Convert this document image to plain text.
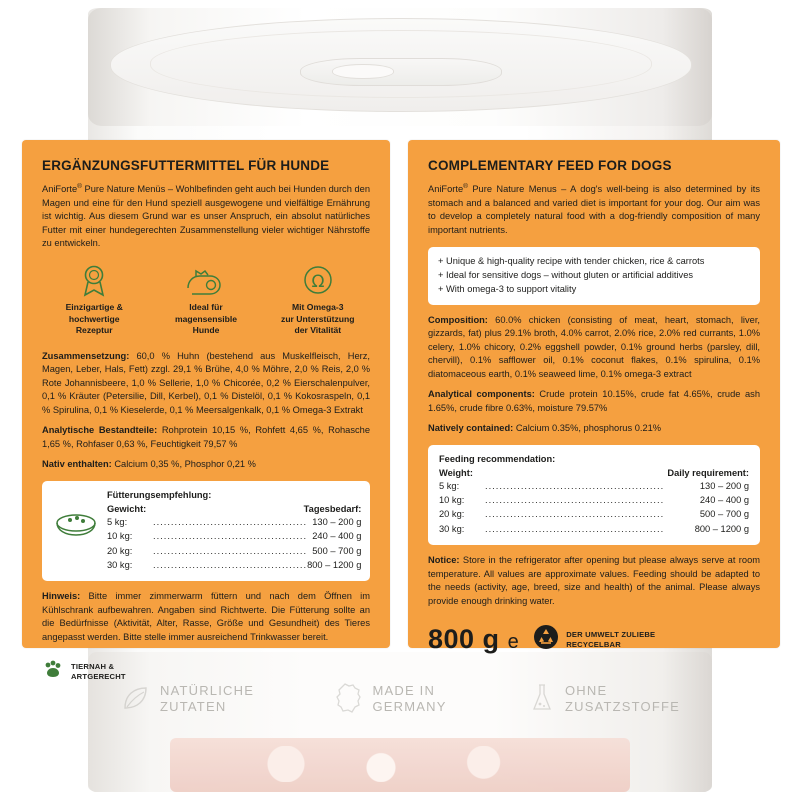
NATÜRLICHE
ZUTATEN
MADE IN
GERMANY
OHNE
ZUSATZSTOFFE
ERGÄNZUNGSFUTTERMITTEL FÜR HUNDE

AniForte® Pure Nature Menüs – Wohlbefinden geht auch bei Hunden durch den Magen und eine für den Hund speziell ausgewogene und vielfältige Ernährung ist wichtig. Aus diesem Grund war es unser Anspruch, ein absolut natürliches Futter mit einer hundegerechten Zusammenstellung vieler wichtiger Nährstoffe zu entwickeln.

Einzigartige &
hochwertige
Rezeptur
Ideal für
magensensible
Hunde
Ω
Mit Omega-3
zur Unterstützung
der Vitalität

Zusammensetzung: 60,0 % Huhn (bestehend aus Muskelfleisch, Herz, Magen, Leber, Hals, Fett) zzgl. 29,1 % Brühe, 4,0 % Möhre, 2,0 % Reis, 2,0 % Rote Johannisbeere, 1,0 % Sellerie, 1,0 % Chicorée, 0,2 % Eierschalenpulver, 0,1 % Kräuter (Petersilie, Dill, Kerbel), 0,1 % Distelöl, 0,1 % Kokosraspeln, 0,1 % Spirulina, 0,1 % Kieselerde, 0,1 % Meersalgenkalk, 0,1 % Omega-3 Extrakt

Analytische Bestandteile: Rohprotein 10,15 %, Rohfett 4,65 %, Rohasche 1,65 %, Rohfaser 0,63 %, Feuchtigkeit 79,57 %

Nativ enthalten: Calcium 0,35 %, Phosphor 0,21 %

Fütterungsempfehlung:
Gewicht:	Tagesbedarf:
5 kg:	........................................... 130 – 200 g
10 kg:	........................................... 240 – 400 g
20 kg:	........................................... 500 – 700 g
30 kg:	........................................... 800 – 1200 g

Hinweis: Bitte immer zimmerwarm füttern und nach dem Öffnen im Kühlschrank aufbewahren. Angaben sind Richtwerte. Die Fütterung sollte an die Bedürfnisse (Aktivität, Alter, Rasse, Größe und Gesundheit) des Tieres angepasst werden. Bitte stelle immer ausreichend Trinkwasser bereit.

TIERNAH &
ARTGERECHT
COMPLEMENTARY FEED FOR DOGS

AniForte® Pure Nature Menus – A dog's well-being is also determined by its stomach and a balanced and varied diet is important for your dog. Our aim was to develop a completely natural food with a dog-friendly composition of many important nutrients.

+ Unique & high-quality recipe with tender chicken, rice & carrots
+ Ideal for sensitive dogs – without gluten or artificial additives
+ With omega-3 to support vitality

Composition: 60.0% chicken (consisting of meat, heart, stomach, liver, gizzards, fat) plus 29.1% broth, 4.0% carrot, 2.0% rice, 2.0% red currants, 1.0% celery, 1.0% chicory, 0.2% eggshell powder, 0.1% ground herbs (parsley, dill, chervill), 0.1% safflower oil, 0.1% coconut flakes, 0.1% spirulina, 0.1% diatomaceous earth, 0.1% seaweed lime, 0.1% omega-3 extract

Analytical components: Crude protein 10.15%, crude fat 4.65%, crude ash 1.65%, crude fibre 0.63%, moisture 79.57%

Natively contained: Calcium 0.35%, phosphorus 0.21%

Feeding recommendation:
Weight:	Daily requirement:
5 kg:	..................................................	130 – 200 g
10 kg:	..................................................	240 – 400 g
20 kg:	..................................................	500 – 700 g
30 kg:	..................................................	800 – 1200 g

Notice: Store in the refrigerator after opening but please always serve at room temperature. All values are approximate values. Feeding should be adapted to the needs (activity, age, breed, size and health) of the animal. Please always provide enough drinking water.

800 g e	DER UMWELT ZULIEBE
RECYCELBAR
